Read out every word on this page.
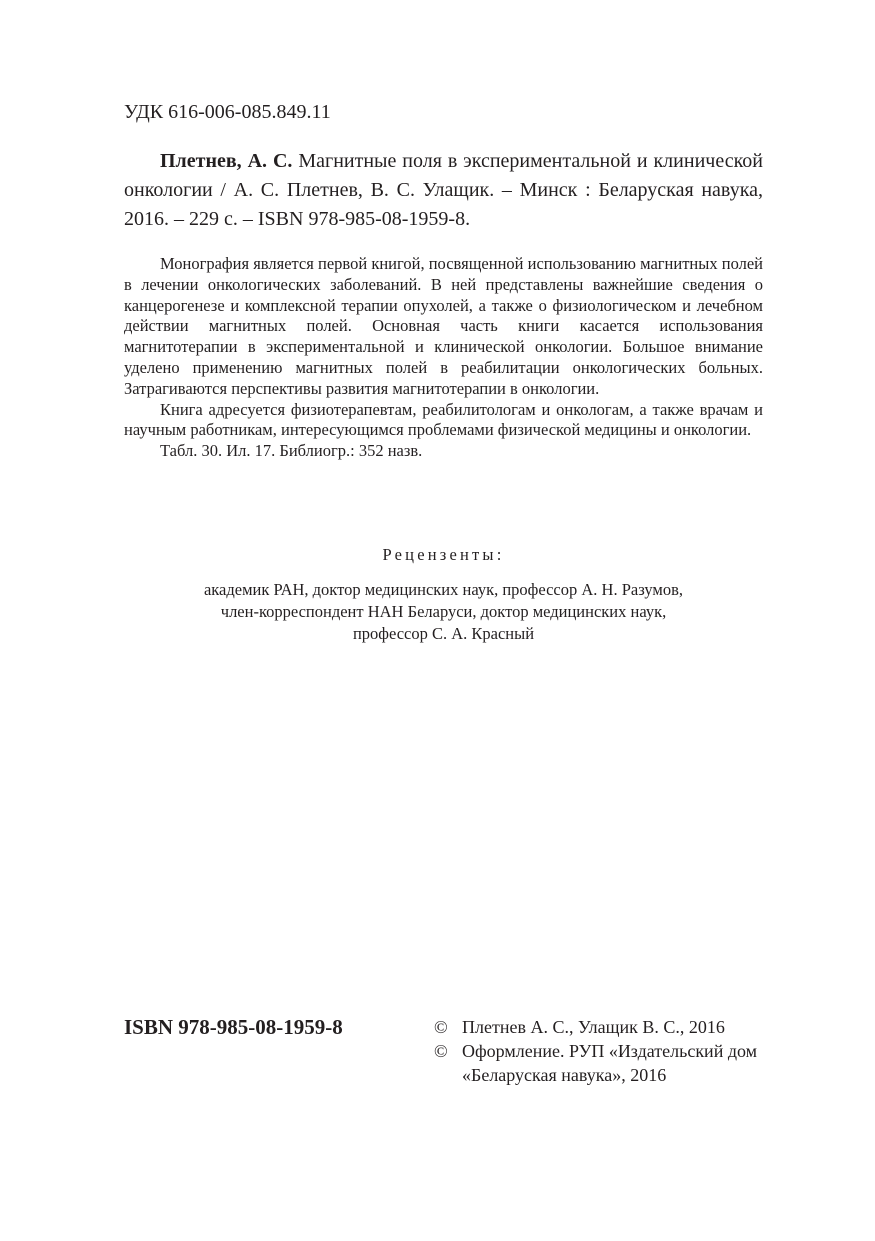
УДК 616-006-085.849.11

Плетнев, А. С. Магнитные поля в экспериментальной и клинической онкологии / А. С. Плетнев, В. С. Улащик. – Минск : Беларуская навука, 2016. – 229 с. – ISBN 978-985-08-1959-8.

Монография является первой книгой, посвященной использованию магнитных полей в лечении онкологических заболеваний. В ней представлены важнейшие сведения о канцерогенезе и комплексной терапии опухолей, а также о физиологическом и лечебном действии магнитных полей. Основная часть книги касается использования магнитотерапии в экспериментальной и клинической онкологии. Большое внимание уделено применению магнитных полей в реабилитации онкологических больных. Затрагиваются перспективы развития магнитотерапии в онкологии.

Книга адресуется физиотерапевтам, реабилитологам и онкологам, а также врачам и научным работникам, интересующимся проблемами физической медицины и онкологии.

Табл. 30. Ил. 17. Библиогр.: 352 назв.

Рецензенты:
академик РАН, доктор медицинских наук, профессор А. Н. Разумов,
член-корреспондент НАН Беларуси, доктор медицинских наук,
профессор С. А. Красный
ISBN 978-985-08-1959-8	© Плетнев А. С., Улащик В. С., 2016
© Оформление. РУП «Издательский дом «Беларуская навука», 2016
